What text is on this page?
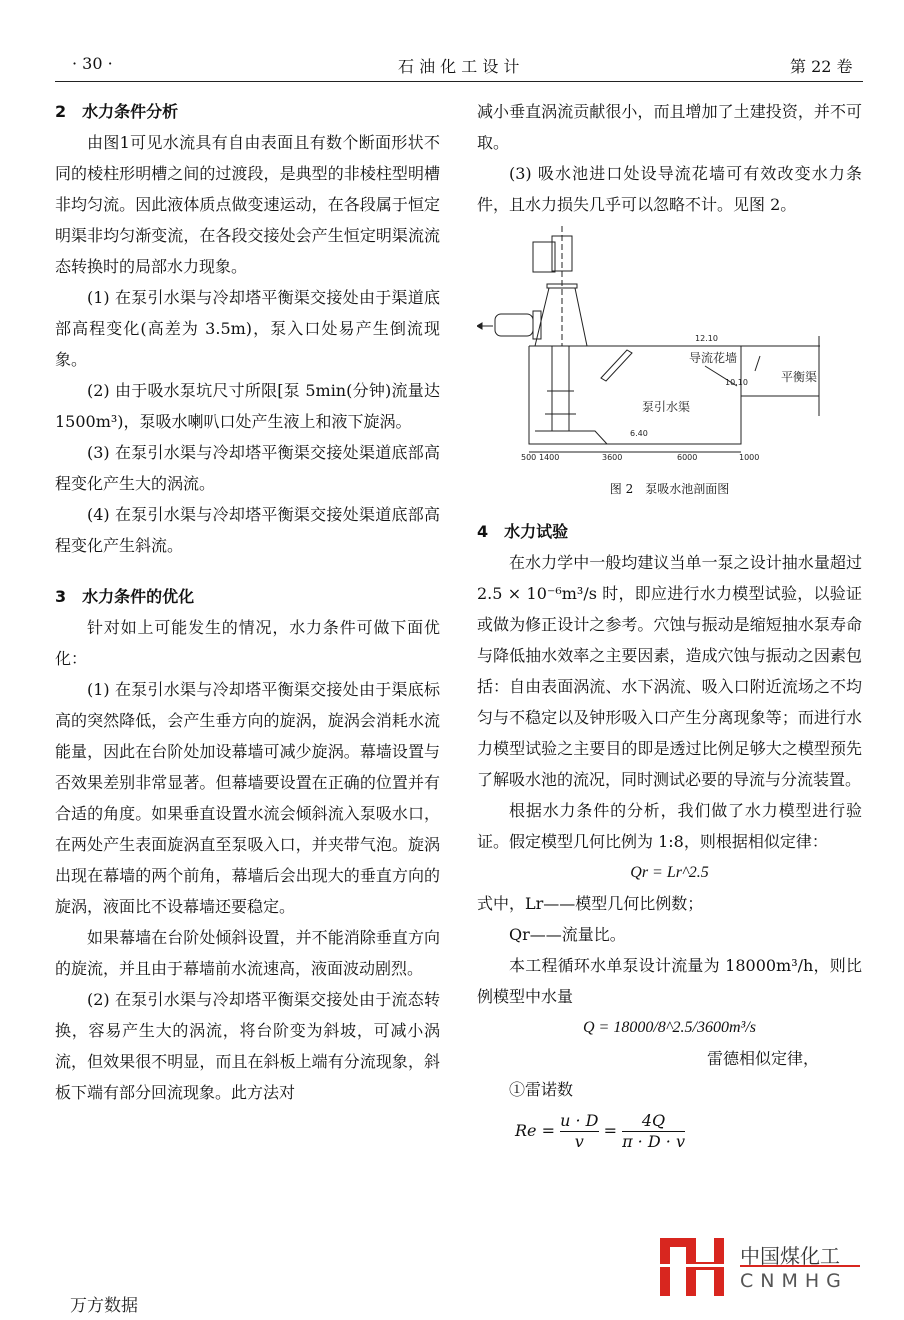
· 30 ·	石 油 化 工 设 计	第 22 卷
2　水力条件分析

由图1可见水流具有自由表面且有数个断面形状不同的棱柱形明槽之间的过渡段，是典型的非棱柱型明槽非均匀流。因此液体质点做变速运动，在各段属于恒定明渠非均匀渐变流，在各段交接处会产生恒定明渠流流态转换时的局部水力现象。

(1) 在泵引水渠与冷却塔平衡渠交接处由于渠道底部高程变化(高差为 3.5m)，泵入口处易产生倒流现象。

(2) 由于吸水泵坑尺寸所限[泵 5min(分钟)流量达 1500m³)，泵吸水喇叭口处产生液上和液下旋涡。

(3) 在泵引水渠与冷却塔平衡渠交接处渠道底部高程变化产生大的涡流。

(4) 在泵引水渠与冷却塔平衡渠交接处渠道底部高程变化产生斜流。

3　水力条件的优化

针对如上可能发生的情况，水力条件可做下面优化：

(1) 在泵引水渠与冷却塔平衡渠交接处由于渠底标高的突然降低，会产生垂方向的旋涡，旋涡会消耗水流能量，因此在台阶处加设幕墙可减少旋涡。幕墙设置与否效果差别非常显著。但幕墙要设置在正确的位置并有合适的角度。如果垂直设置水流会倾斜流入泵吸水口，在两处产生表面旋涡直至泵吸入口，并夹带气泡。旋涡出现在幕墙的两个前角，幕墙后会出现大的垂直方向的旋涡，液面比不设幕墙还要稳定。

如果幕墙在台阶处倾斜设置，并不能消除垂直方向的旋流，并且由于幕墙前水流速高，液面波动剧烈。

(2) 在泵引水渠与冷却塔平衡渠交接处由于流态转换，容易产生大的涡流，将台阶变为斜坡，可减小涡流，但效果很不明显，而且在斜板上端有分流现象，斜板下端有部分回流现象。此方法对

减小垂直涡流贡献很小，而且增加了土建投资，并不可取。

(3) 吸水池进口处设导流花墙可有效改变水力条件，且水力损失几乎可以忽略不计。见图 2。

12.10
10.10
6.40
500 1400	3600	6000	1000
导流花墙
平衡渠
泵引水渠
图 2　泵吸水池剖面图
4　水力试验

在水力学中一般均建议当单一泵之设计抽水量超过 2.5 × 10⁻⁶m³/s 时，即应进行水力模型试验，以验证或做为修正设计之参考。穴蚀与振动是缩短抽水泵寿命与降低抽水效率之主要因素，造成穴蚀与振动之因素包括：自由表面涡流、水下涡流、吸入口附近流场之不均匀与不稳定以及钟形吸入口产生分离现象等；而进行水力模型试验之主要目的即是透过比例足够大之模型预先了解吸水池的流况，同时测试必要的导流与分流装置。

根据水力条件的分析，我们做了水力模型进行验证。假定模型几何比例为 1:8，则根据相似定律：

Qr = Lr^2.5

式中，Lr——模型几何比例数；

Qr——流量比。

本工程循环水单泵设计流量为 18000m³/h，则比例模型中水量

Q = 18000/8^2.5/3600m³/s

雷德相似定律，

①雷诺数

$Re = \frac{u \cdot D}{v} = \frac{4Q}{\pi \cdot D \cdot v}$
中国煤化工
CNMHG
万方数据
